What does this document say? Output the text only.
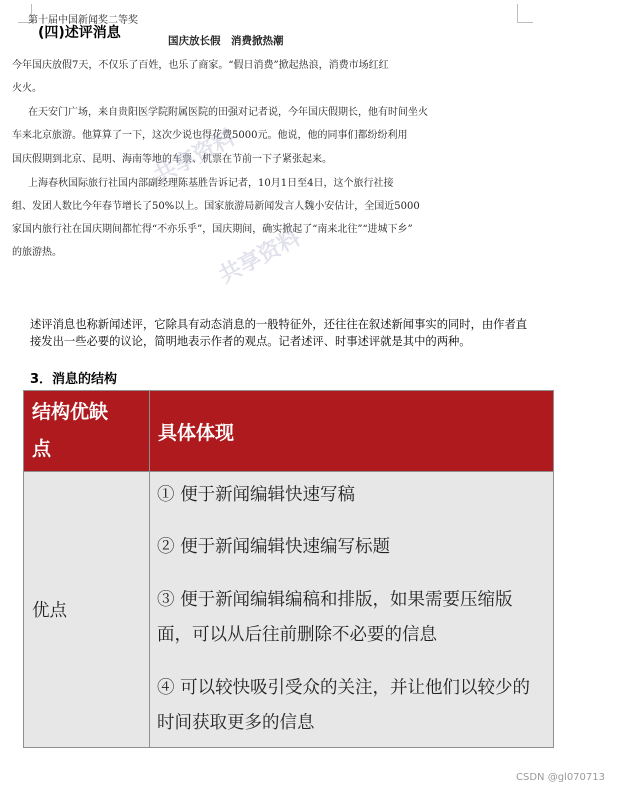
(四)述评消息
第十届中国新闻奖二等奖
国庆放长假　消费掀热潮
今年国庆放假7天，不仅乐了百姓，也乐了商家。“假日消费”掀起热浪，消费市场红红
火火。
在天安门广场，来自贵阳医学院附属医院的田强对记者说，今年国庆假期长，他有时间坐火
车来北京旅游。他算算了一下，这次少说也得花费5000元。他说，他的同事们都纷纷利用
国庆假期到北京、昆明、海南等地的车票、机票在节前一下子紧张起来。
上海春秋国际旅行社国内部副经理陈基胜告诉记者，10月1日至4日，这个旅行社接
组、发团人数比今年春节增长了50%以上。国家旅游局新闻发言人魏小安估计，全国近5000
家国内旅行社在国庆期间都忙得“不亦乐乎”，国庆期间，确实掀起了“南来北往”“进城下乡”
的旅游热。
共享资料
共享资料
述评消息也称新闻述评，它除具有动态消息的一般特征外，还往往在叙述新闻事实的同时，由作者直接发出一些必要的议论，简明地表示作者的观点。记者述评、时事述评就是其中的两种。
3．消息的结构
结构优缺点	具体体现
优点	① 便于新闻编辑快速写稿
② 便于新闻编辑快速编写标题
③ 便于新闻编辑编稿和排版，如果需要压缩版面，可以从后往前删除不必要的信息
④ 可以较快吸引受众的关注，并让他们以较少的时间获取更多的信息
CSDN @gl070713
